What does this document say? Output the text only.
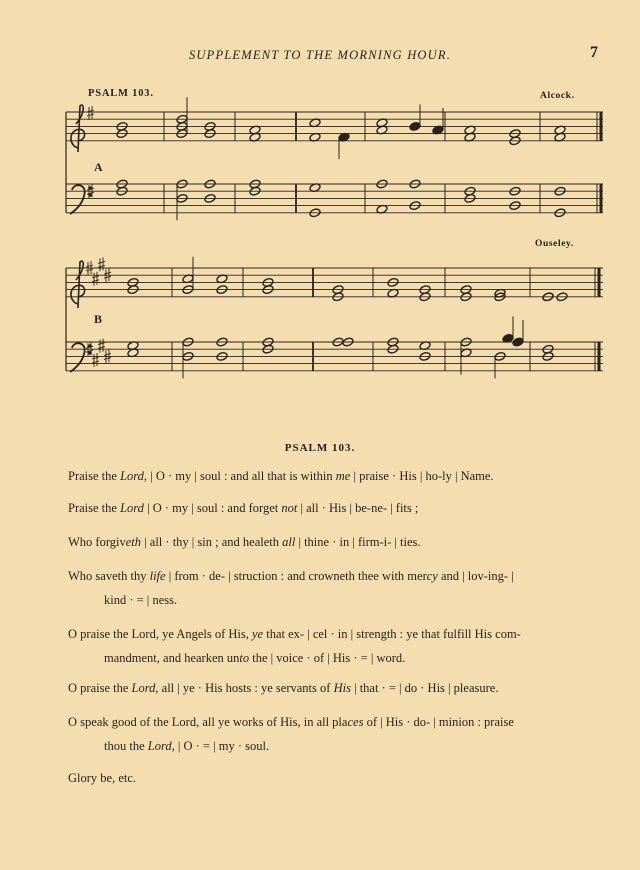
SUPPLEMENT TO THE MORNING HOUR.	7
PSALM 103.	Alcock.
A
Ouseley.
B
PSALM 103.
Praise the Lord, | O · my | soul : and all that is within me | praise · His | ho-ly | Name.
Praise the Lord | O · my | soul : and forget not | all · His | be-ne- | fits ;
Who forgiveth | all · thy | sin ; and healeth all | thine · in | firm-i- | ties.
Who saveth thy life | from · de- | struction : and crowneth thee with mercy and | lov-ing- |
kind · = | ness.
O praise the Lord, ye Angels of His, ye that ex- | cel · in | strength : ye that fulfill His com-
mandment, and hearken unto the | voice · of | His · = | word.
O praise the Lord, all | ye · His hosts : ye servants of His | that · = | do · His | pleasure.
O speak good of the Lord, all ye works of His, in all places of | His · do- | minion : praise
thou the Lord, | O · = | my · soul.
Glory be, etc.
